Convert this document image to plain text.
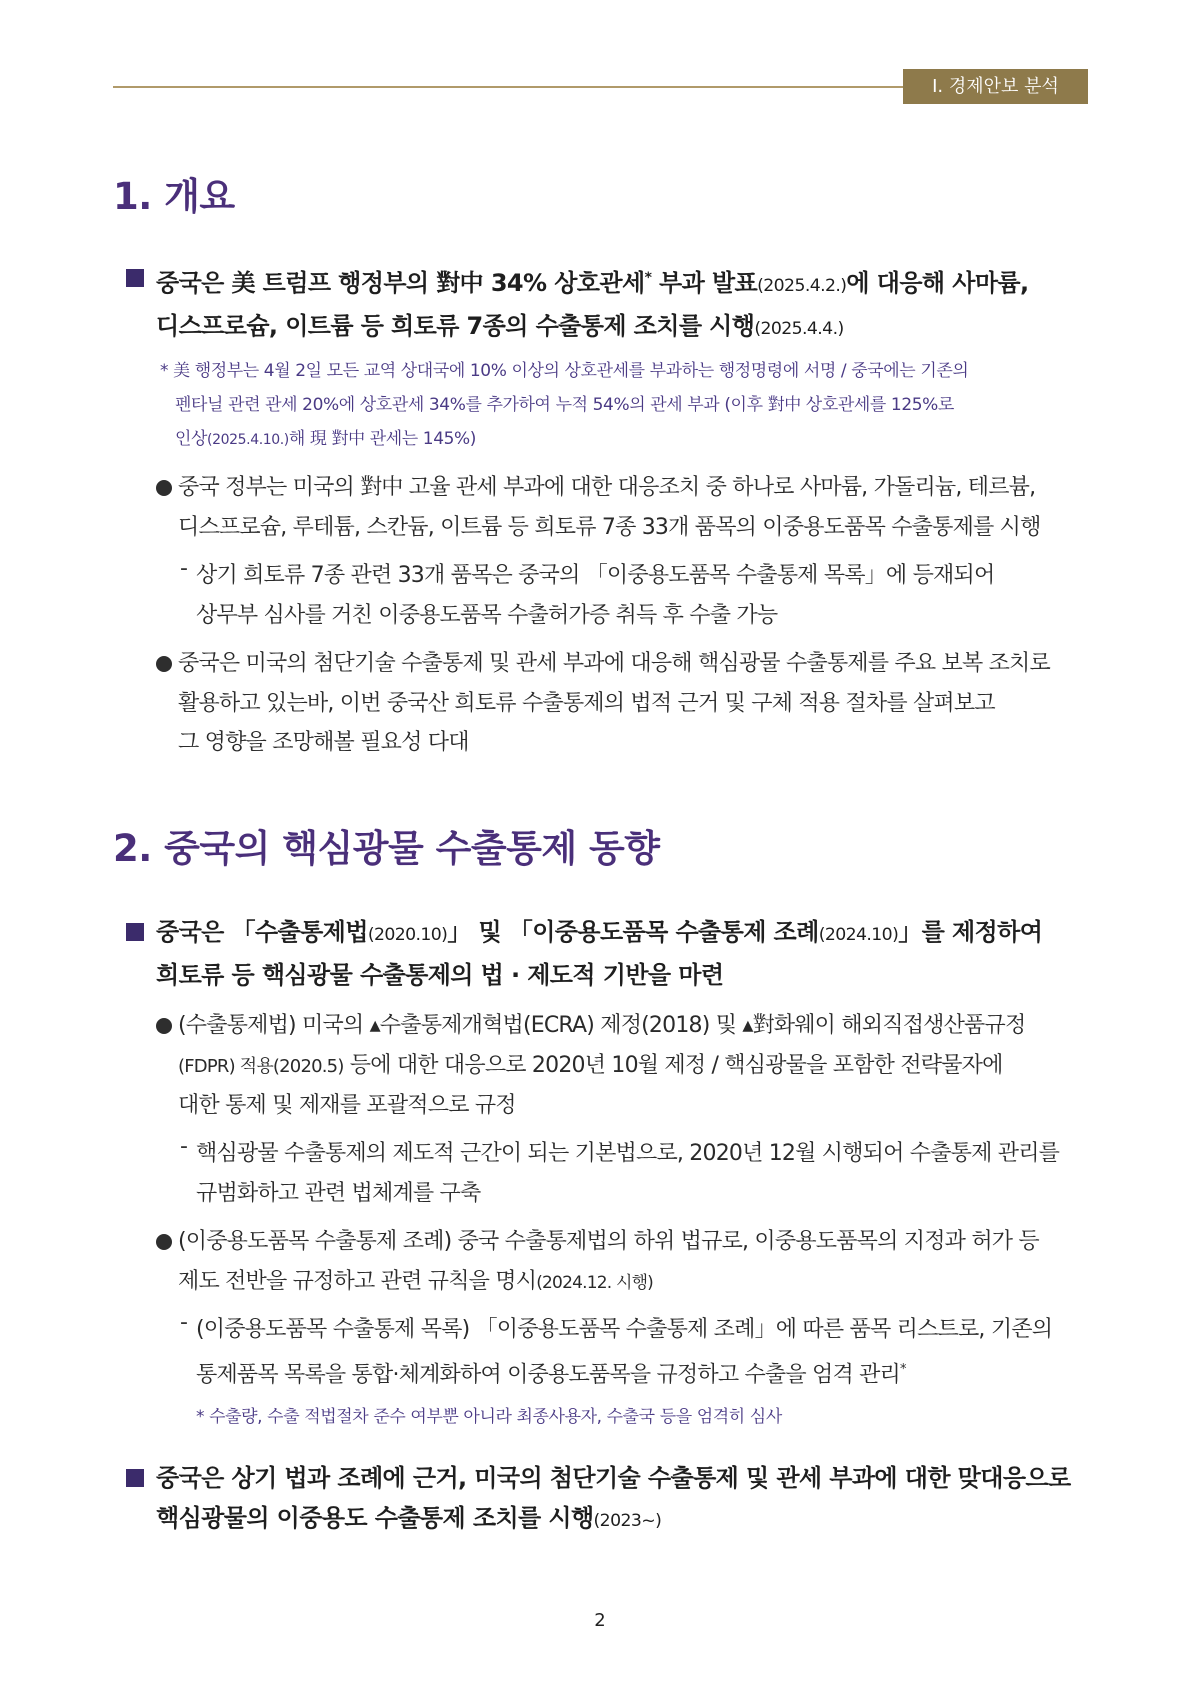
Ⅰ. 경제안보 분석
1. 개요
중국은 美 트럼프 행정부의 對中 34% 상호관세* 부과 발표(2025.4.2.)에 대응해 사마륨,
디스프로슘, 이트륨 등 희토류 7종의 수출통제 조치를 시행(2025.4.4.)
* 美 행정부는 4월 2일 모든 교역 상대국에 10% 이상의 상호관세를 부과하는 행정명령에 서명 / 중국에는 기존의
펜타닐 관련 관세 20%에 상호관세 34%를 추가하여 누적 54%의 관세 부과 (이후 對中 상호관세를 125%로
인상(2025.4.10.)해 現 對中 관세는 145%)
중국 정부는 미국의 對中 고율 관세 부과에 대한 대응조치 중 하나로 사마륨, 가돌리늄, 테르븀,
디스프로슘, 루테튬, 스칸듐, 이트륨 등 희토류 7종 33개 품목의 이중용도품목 수출통제를 시행
- 상기 희토류 7종 관련 33개 품목은 중국의 「이중용도품목 수출통제 목록」에 등재되어
상무부 심사를 거친 이중용도품목 수출허가증 취득 후 수출 가능
중국은 미국의 첨단기술 수출통제 및 관세 부과에 대응해 핵심광물 수출통제를 주요 보복 조치로
활용하고 있는바, 이번 중국산 희토류 수출통제의 법적 근거 및 구체 적용 절차를 살펴보고
그 영향을 조망해볼 필요성 다대
2. 중국의 핵심광물 수출통제 동향
중국은 「수출통제법(2020.10)」 및 「이중용도품목 수출통제 조례(2024.10)」를 제정하여
희토류 등 핵심광물 수출통제의 법 · 제도적 기반을 마련
(수출통제법) 미국의 ▴수출통제개혁법(ECRA) 제정(2018) 및 ▴對화웨이 해외직접생산품규정
(FDPR) 적용(2020.5) 등에 대한 대응으로 2020년 10월 제정 / 핵심광물을 포함한 전략물자에
대한 통제 및 제재를 포괄적으로 규정
- 핵심광물 수출통제의 제도적 근간이 되는 기본법으로, 2020년 12월 시행되어 수출통제 관리를
규범화하고 관련 법체계를 구축
(이중용도품목 수출통제 조례) 중국 수출통제법의 하위 법규로, 이중용도품목의 지정과 허가 등
제도 전반을 규정하고 관련 규칙을 명시(2024.12. 시행)
- (이중용도품목 수출통제 목록) 「이중용도품목 수출통제 조례」에 따른 품목 리스트로, 기존의
통제품목 목록을 통합·체계화하여 이중용도품목을 규정하고 수출을 엄격 관리*
* 수출량, 수출 적법절차 준수 여부뿐 아니라 최종사용자, 수출국 등을 엄격히 심사
중국은 상기 법과 조례에 근거, 미국의 첨단기술 수출통제 및 관세 부과에 대한 맞대응으로
핵심광물의 이중용도 수출통제 조치를 시행(2023~)
2
